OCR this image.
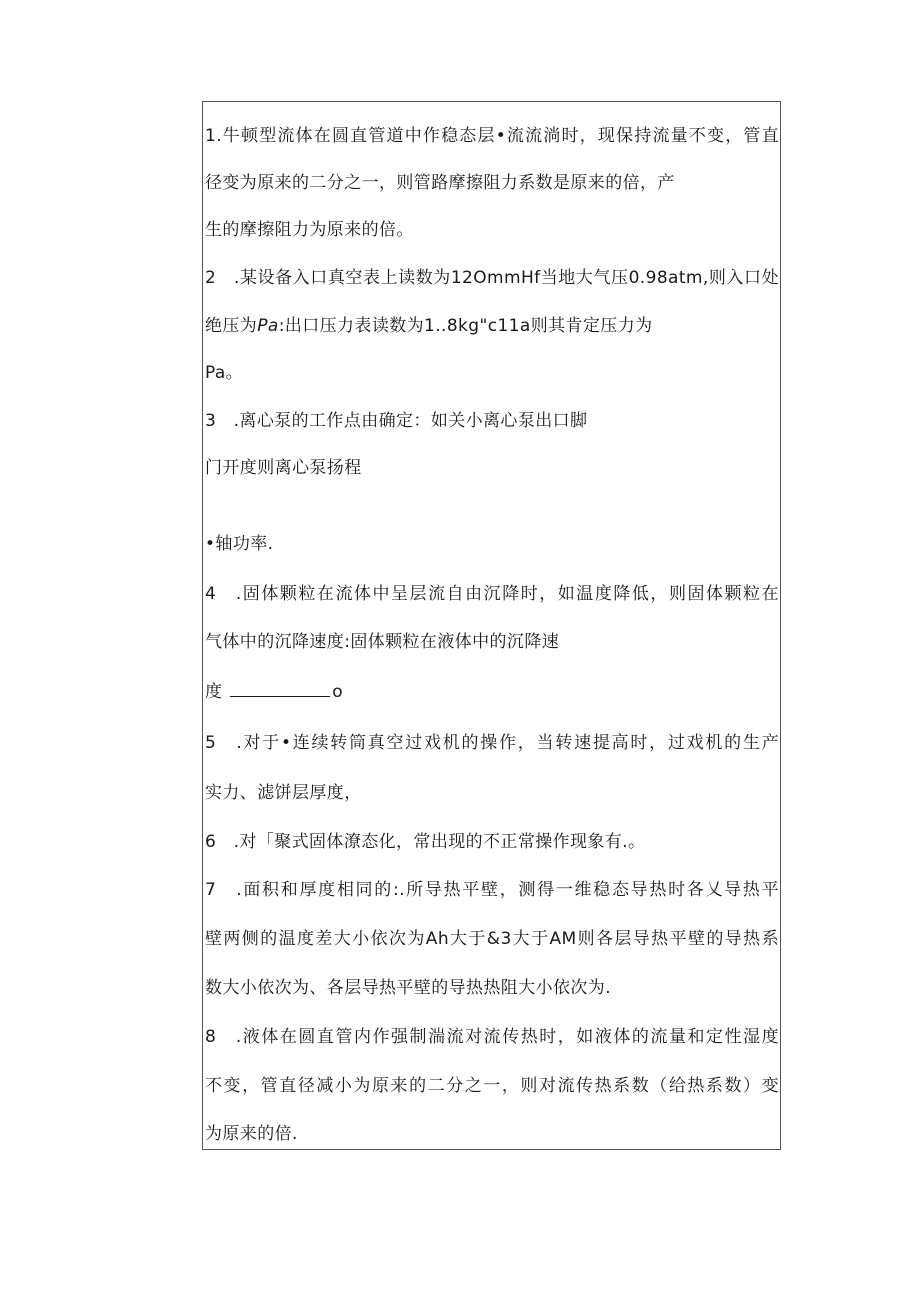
1.牛顿型流体在圆直管道中作稳态层•流流淌时，现保持流量不变，管直
径变为原来的二分之一，则管路摩擦阻力系数是原来的倍，产
生的摩擦阻力为原来的倍。
2　.某设备入口真空表上读数为12OmmHf当地大气压0.98atm,则入口处
绝压为Pa:出口压力表读数为1..8kg"c11a则其肯定压力为
Pa。
3　.离心泵的工作点由确定：如关小离心泵出口脚
门开度则离心泵扬程
•轴功率.
4　.固体颗粒在流体中呈层流自由沉降时，如温度降低，则固体颗粒在
气体中的沉降速度:固体颗粒在液体中的沉降速
度	o
5　.对于•连续转筒真空过戏机的操作，当转速提高时，过戏机的生产
实力、滤饼层厚度，
6　.对「聚式固体潦态化，常出现的不正常操作现象有.。
7　.面积和厚度相同的:.所导热平壁，测得一维稳态导热时各乂导热平
壁两侧的温度差大小依次为Ah大于&3大于AM则各层导热平壁的导热系
数大小依次为、各层导热平壁的导热热阻大小依次为.
8　.液体在圆直管内作强制湍流对流传热时，如液体的流量和定性湿度
不变，管直径减小为原来的二分之一，则对流传热系数（给热系数）变
为原来的倍.
